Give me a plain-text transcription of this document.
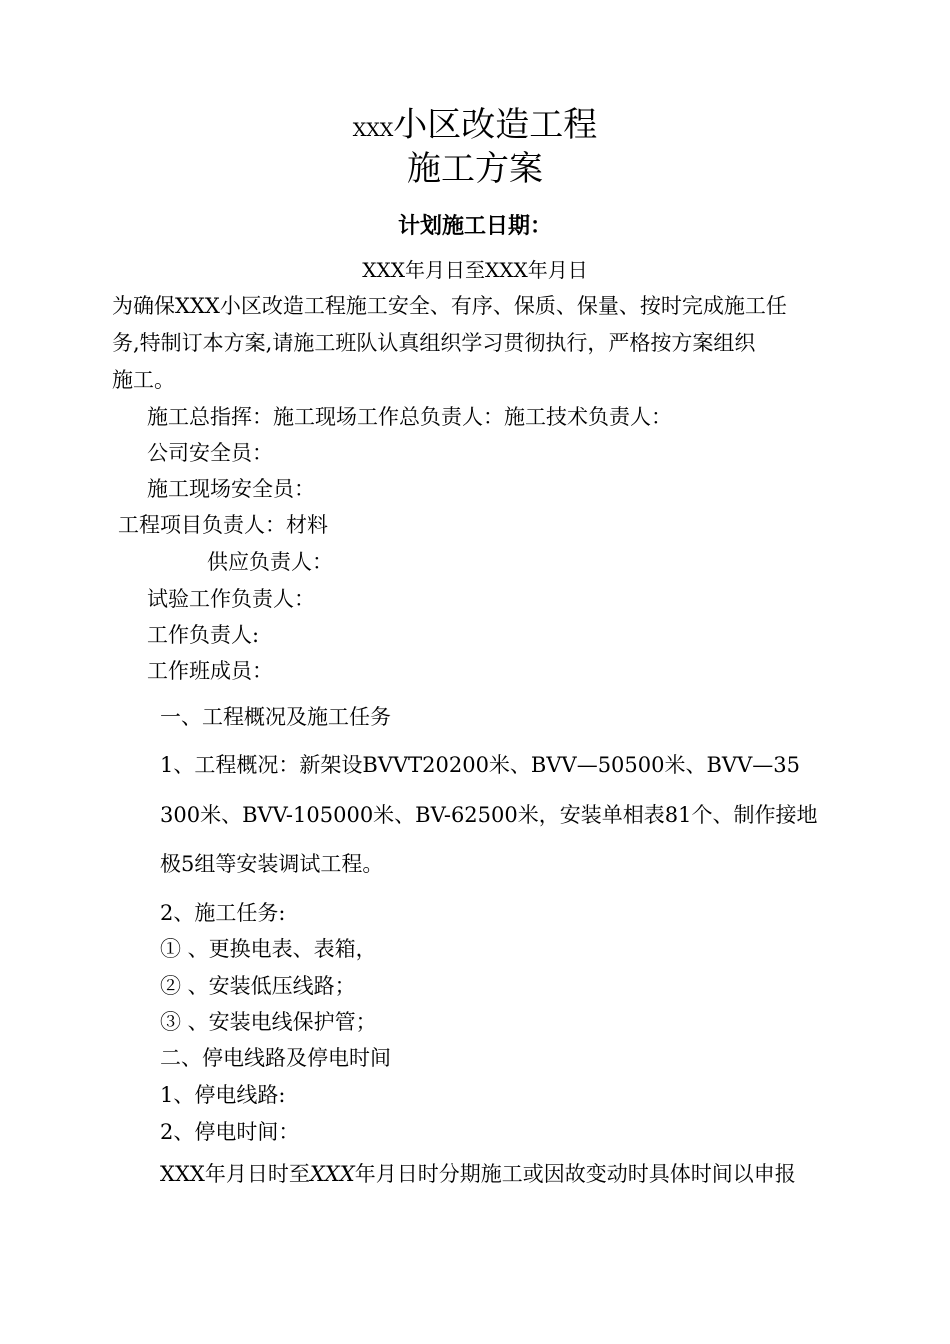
XXX小区改造工程
施工方案
计划施工日期：
XXX年月日至XXX年月日
为确保XXX小区改造工程施工安全、有序、保质、保量、按时完成施工任
务,特制订本方案,请施工班队认真组织学习贯彻执行，严格按方案组织
施工。
施工总指挥：施工现场工作总负责人：施工技术负责人：
公司安全员：
施工现场安全员：
工程项目负责人：材料
供应负责人：
试验工作负责人：
工作负责人:
工作班成员：
一、工程概况及施工任务
1、工程概况：新架设BVVT20200米、BVV—50500米、BVV—35
300米、BVV-105000米、BV-62500米，安装单相表81个、制作接地
极5组等安装调试工程。
2、施工任务:
① 、更换电表、表箱，
② 、安装低压线路；
③ 、安装电线保护管；
二、停电线路及停电时间
1、停电线路:
2、停电时间：
XXX年月日时至XXX年月日时分期施工或因故变动时具体时间以申报
